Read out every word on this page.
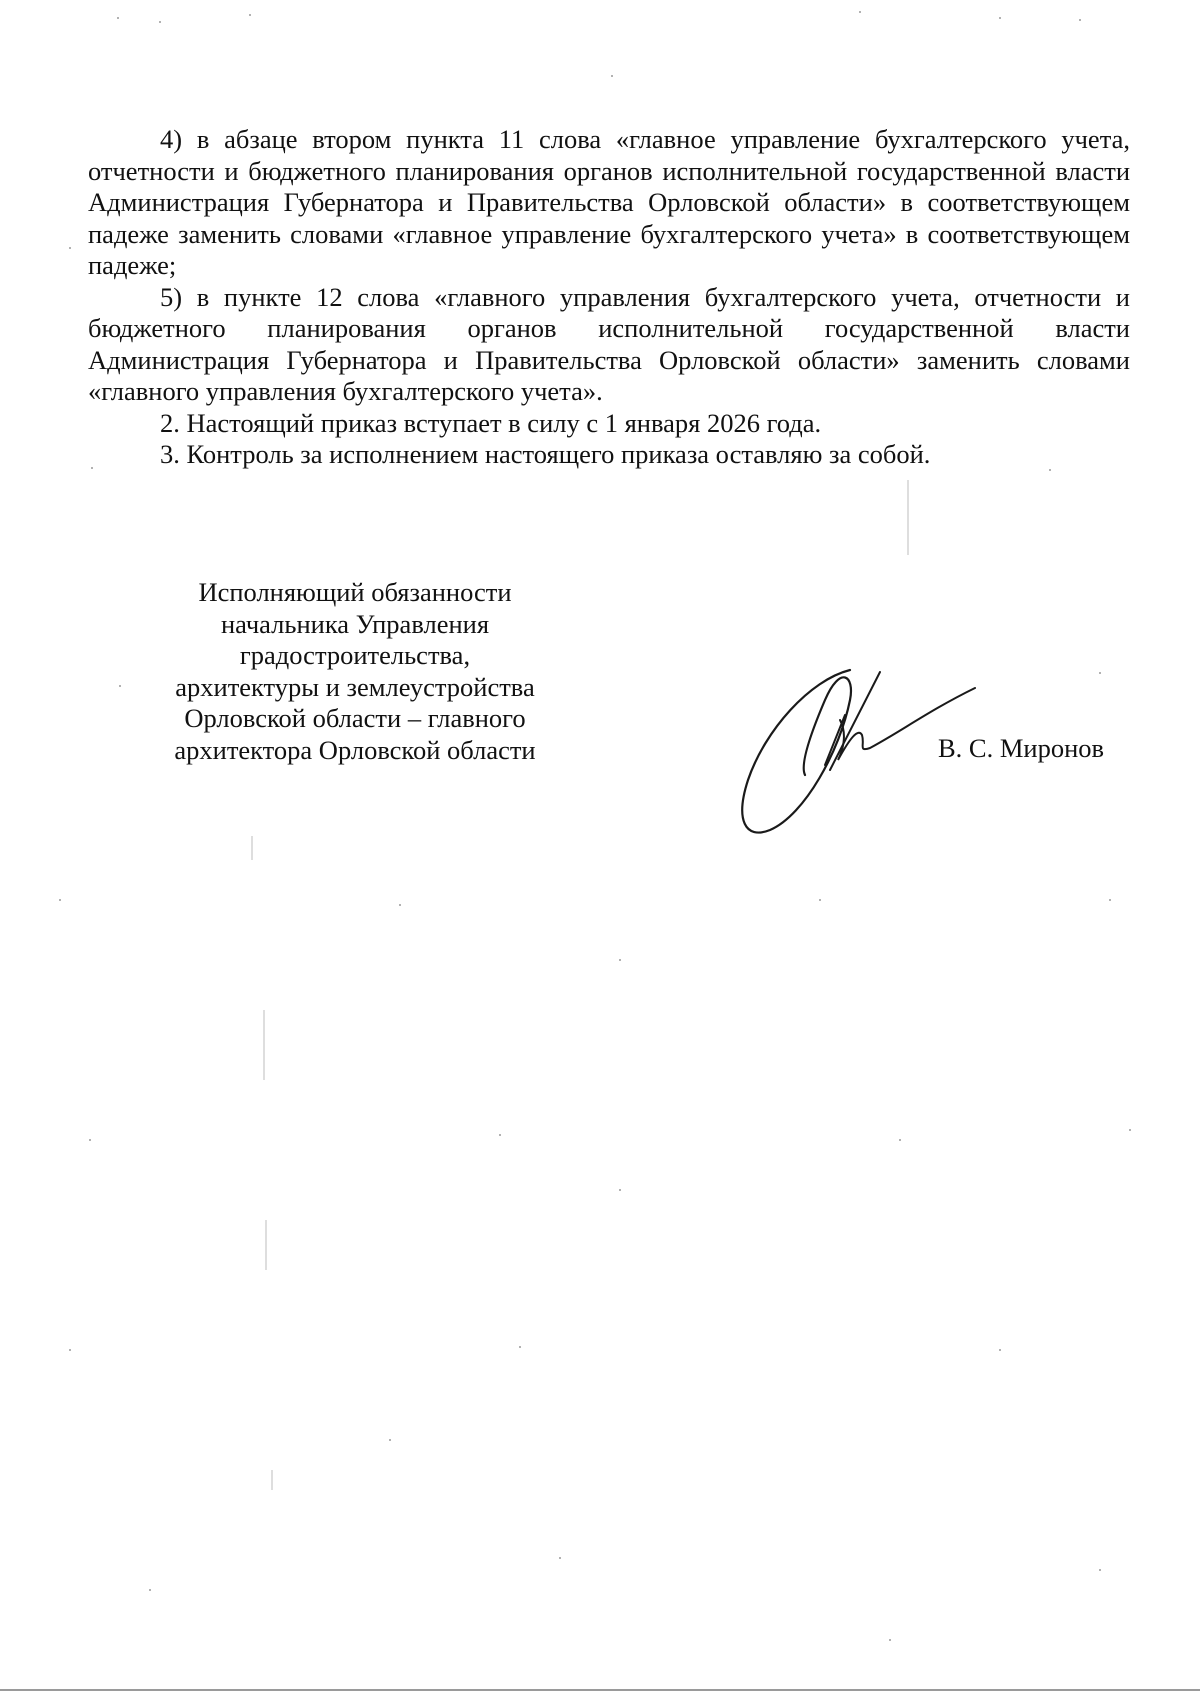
4) в абзаце втором пункта 11 слова «главное управление бухгалтерского учета, отчетности и бюджетного планирования органов исполнительной государственной власти Администрация Губернатора и Правительства Орловской области» в соответствующем падеже заменить словами «главное управление бухгалтерского учета» в соответствующем падеже;

5) в пункте 12 слова «главного управления бухгалтерского учета, отчетности и бюджетного планирования органов исполнительной государственной власти Администрация Губернатора и Правительства Орловской области» заменить словами «главного управления бухгалтерского учета».

2. Настоящий приказ вступает в силу с 1 января 2026 года.

3. Контроль за исполнением настоящего приказа оставляю за собой.

Исполняющий обязанности
начальника Управления
градостроительства,
архитектуры и землеустройства
Орловской области – главного
архитектора Орловской области	В. С. Миронов
